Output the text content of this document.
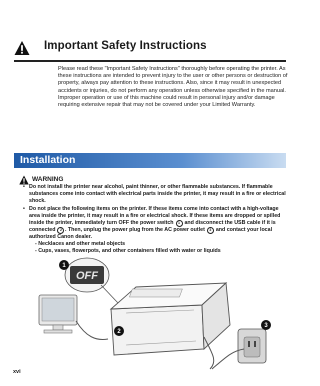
Important Safety Instructions

Please read these "Important Safety Instructions" thoroughly before operating the printer. As these instructions are intended to prevent injury to the user or other persons or destruction of property, always pay attention to these instructions. Also, since it may result in unexpected accidents or injuries, do not perform any operation unless otherwise specified in the manual. Improper operation or use of this machine could result in personal injury and/or damage requiring extensive repair that may not be covered under your Limited Warranty.

Installation
WARNING
• Do not install the printer near alcohol, paint thinner, or other flammable substances. If flammable substances come into contact with electrical parts inside the printer, it may result in a fire or electrical shock.
• Do not place the following items on the printer. If these items come into contact with a high-voltage area inside the printer, it may result in a fire or electrical shock. If these items are dropped or spilled inside the printer, immediately turn OFF the power switch 1 and disconnect the USB cable if it is connected 2 . Then, unplug the power plug from the AC power outlet 3 and contact your local authorized Canon dealer.
- Necklaces and other metal objects
- Cups, vases, flowerpots, and other containers filled with water or liquids
2
OFF
1
3
xvi
